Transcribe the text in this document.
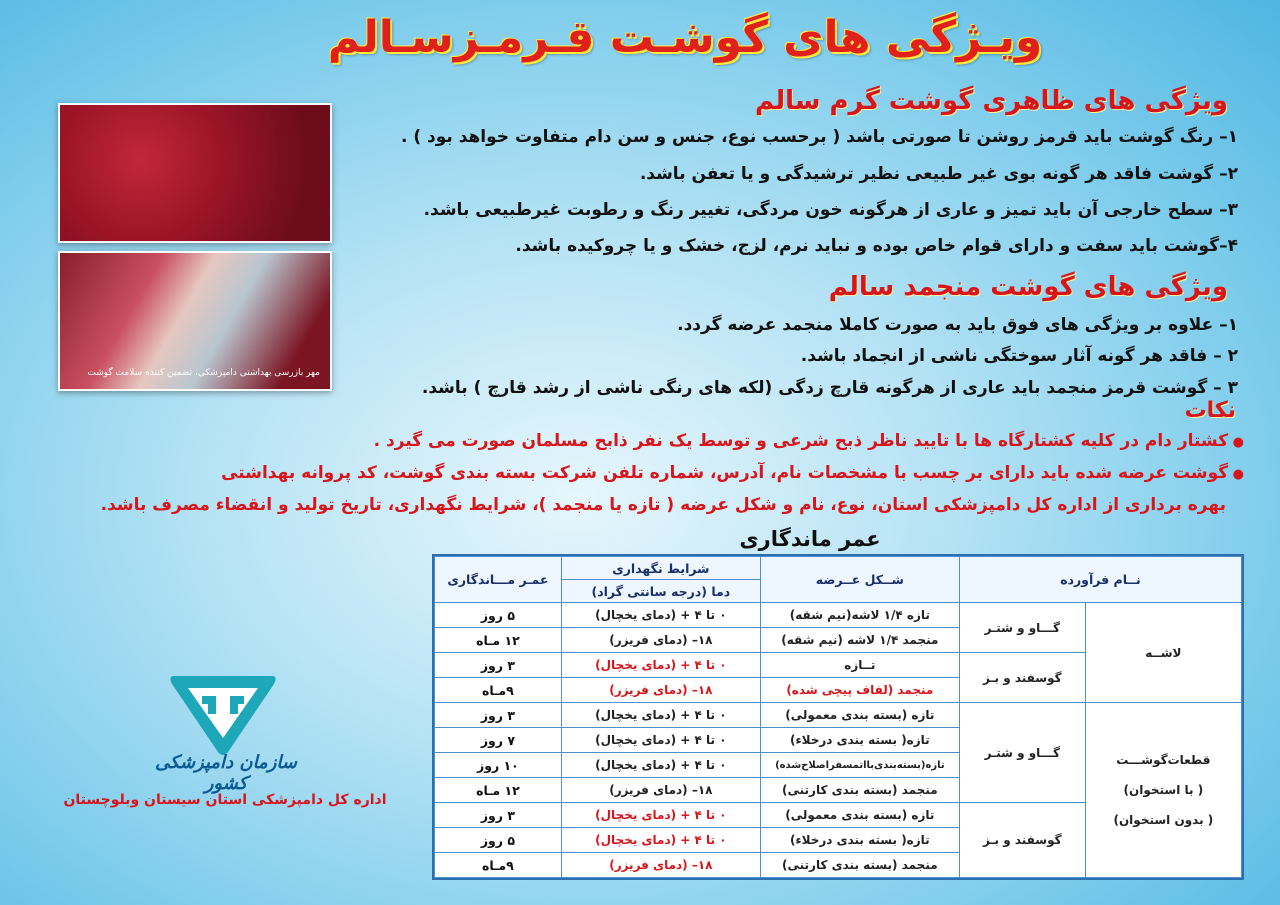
ویـژگی های گوشـت قـرمـزسـالم
مهر بازرسی بهداشتی دامپزشکی، تضمین کننده سلامت گوشت
ویژگی های ظاهری گوشت گرم سالم
۱– رنگ گوشت باید قرمز روشن تا صورتی باشد ( برحسب نوع، جنس و سن دام متفاوت خواهد بود ) .
۲– گوشت فاقد هر گونه بوی غیر طبیعی نظیر ترشیدگی و یا تعفن باشد.
۳– سطح خارجی آن باید تمیز و عاری از هرگونه خون مردگی، تغییر رنگ و رطوبت غیرطبیعی باشد.
۴–گوشت باید سفت و دارای قوام خاص بوده و نباید نرم، لزج، خشک و یا چروکیده باشد.
ویژگی های گوشت منجمد سالم
۱– علاوه بر ویژگی های فوق باید به صورت کاملا منجمد عرضه گردد.
۲ – فاقد هر گونه آثار سوختگی ناشی از انجماد باشد.
۳ – گوشت قرمز منجمد باید عاری از هرگونه قارچ زدگی (لکه های رنگی ناشی از رشد قارچ ) باشد.
نکات
● کشتار دام در کلیه کشتارگاه ها با تایید ناظر ذبح شرعی و توسط یک نفر ذابح مسلمان صورت می گیرد .
● گوشت عرضه شده باید دارای بر چسب با مشخصات نام، آدرس، شماره تلفن شرکت بسته بندی گوشت، کد پروانه بهداشتی
بهره برداری از اداره کل دامپزشکی استان، نوع، نام و شکل عرضه ( تازه یا منجمد )، شرایط نگهداری، تاریخ تولید و انقضاء مصرف باشد.
عمر ماندگاری
نــام فرآورده		شــکل عــرضه	شرایط نگهداری	عمـر مـــاندگاری
			دما (درجه سانتی گراد)	
لاشــه	گـــاو و شتـر	تازه ۱/۴ لاشه(نیم شقه)	۰ تا ۴ + (دمای یخچال)	۵ روز
		منجمد ۱/۴ لاشه (نیم شقه)	۱۸– (دمای فریزر)	۱۲ مـاه
	گوسفند و بـز	تــازه	۰ تا ۴ + (دمای یخچال)	۳ روز
		منجمد (لفاف پیچی شده)	۱۸– (دمای فریزر)	۹مـاه

قطعات‌گوشـــت
( با استخوان)
( بدون استخوان)	گـــاو و شتـر	تازه (بسته بندی معمولی)	۰ تا ۴ + (دمای یخچال)	۳ روز
		تازه( بسته بندی درخلاء)	۰ تا ۴ + (دمای یخچال)	۷ روز
		تازه(بسته‌بندی‌باا‌تمسفر‌اصلاح‌شده)	۰ تا ۴ + (دمای یخچال)	۱۰ روز
		منجمد (بسته بندی کارتنی)	۱۸– (دمای فریزر)	۱۲ مـاه
	گوسفند و بـز	تازه (بسته بندی معمولی)	۰ تا ۴ + (دمای یخچال)	۳ روز
		تازه( بسته بندی درخلاء)	۰ تا ۴ + (دمای یخچال)	۵ روز
		منجمد (بسته بندی کارتنی)	۱۸– (دمای فریزر)	۹مـاه
سازمان دامپزشکی کشور
اداره کل دامپزشکی استان سیستان وبلوچستان
